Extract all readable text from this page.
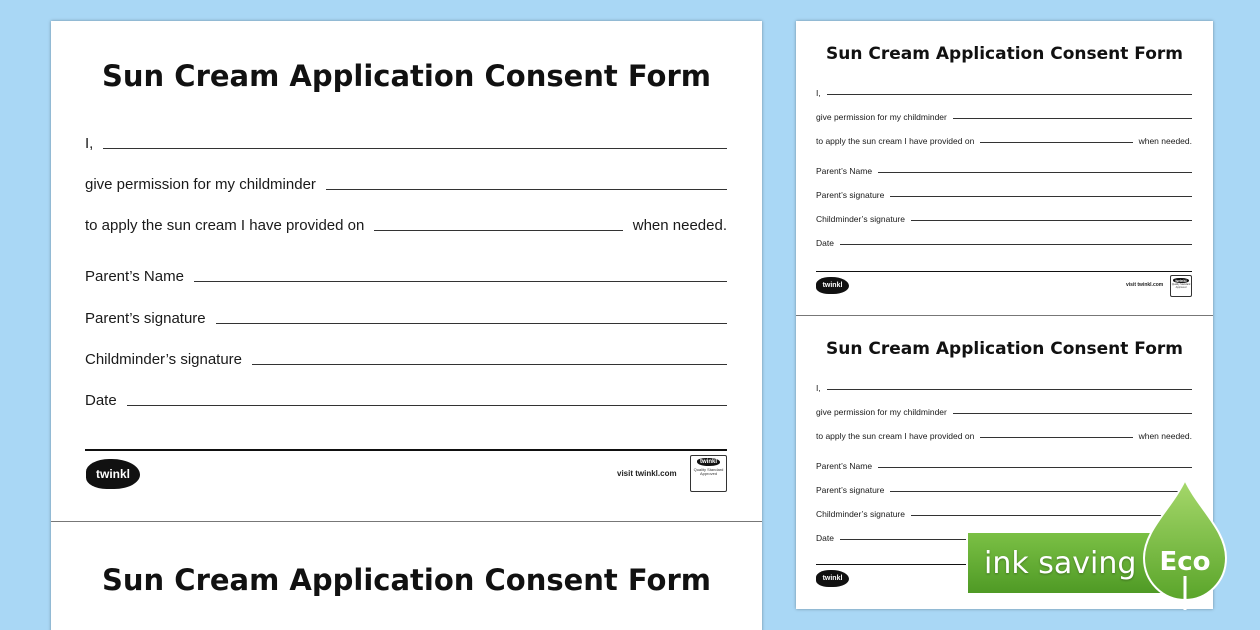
Sun Cream Application Consent Form
I,
give permission for my childminder
to apply the sun cream I have provided on	when needed.
Parent’s Name
Parent’s signature
Childminder’s signature
Date
twinkl	visit twinkl.com
twinkl
Quality Standard Approved
Sun Cream Application Consent Form
Sun Cream Application Consent Form
I,
give permission for my childminder
to apply the sun cream I have provided on	when needed.
Parent’s Name
Parent’s signature
Childminder’s signature
Date
twinkl	visit twinkl.com
twinkl
Quality Standard Approved
Sun Cream Application Consent Form
I,
give permission for my childminder
to apply the sun cream I have provided on	when needed.
Parent’s Name
Parent’s signature
Childminder’s signature
Date
twinkl	ink saving Eco
